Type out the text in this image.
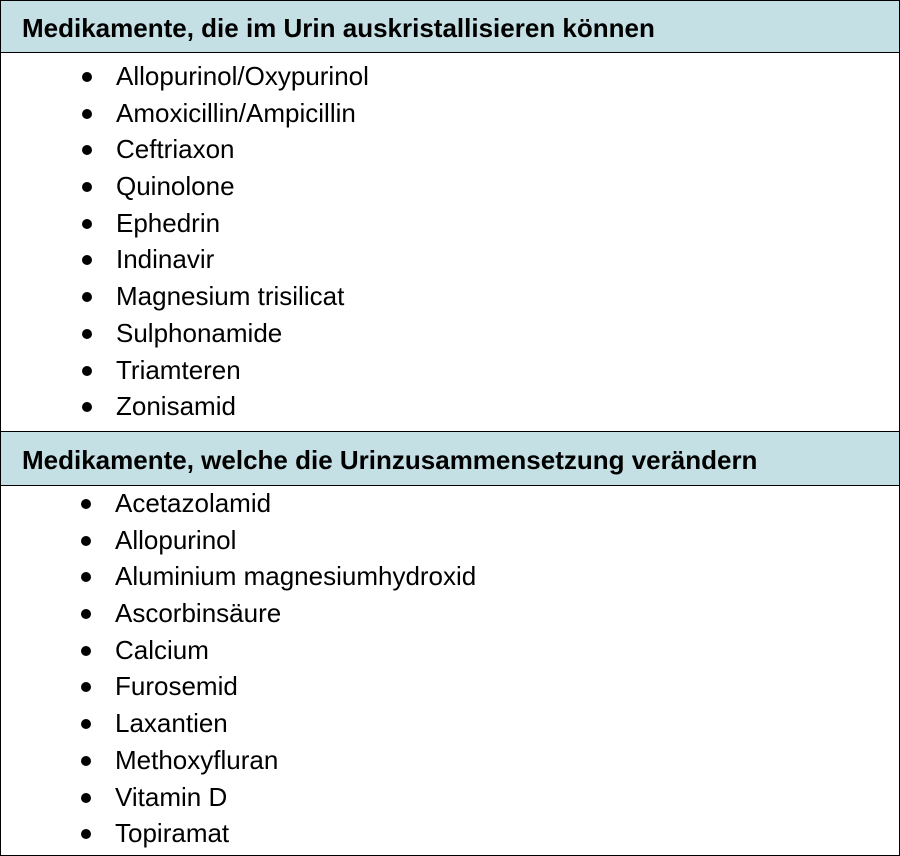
Medikamente, die im Urin auskristallisieren können
Allopurinol/Oxypurinol
Amoxicillin/Ampicillin
Ceftriaxon
Quinolone
Ephedrin
Indinavir
Magnesium trisilicat
Sulphonamide
Triamteren
Zonisamid
Medikamente, welche die Urinzusammensetzung verändern
Acetazolamid
Allopurinol
Aluminium magnesiumhydroxid
Ascorbinsäure
Calcium
Furosemid
Laxantien
Methoxyfluran
Vitamin D
Topiramat
